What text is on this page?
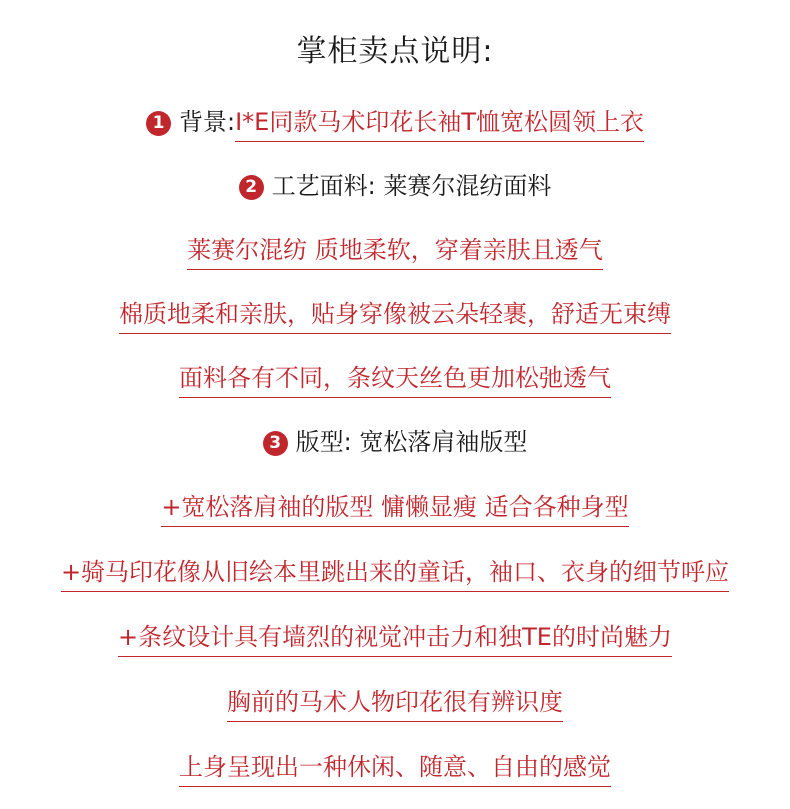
掌柜卖点说明:
1 背景:I*E同款马术印花长袖T恤宽松圆领上衣
2 工艺面料: 莱赛尔混纺面料
莱赛尔混纺 质地柔软，穿着亲肤且透气
棉质地柔和亲肤，贴身穿像被云朵轻裹，舒适无束缚
面料各有不同，条纹天丝色更加松弛透气
3 版型: 宽松落肩袖版型
+宽松落肩袖的版型 慵懒显瘦 适合各种身型
+骑马印花像从旧绘本里跳出来的童话，袖口、衣身的细节呼应
+条纹设计具有墙烈的视觉冲击力和独TE的时尚魅力
胸前的马术人物印花很有辨识度
上身呈现出一种休闲、随意、自由的感觉
